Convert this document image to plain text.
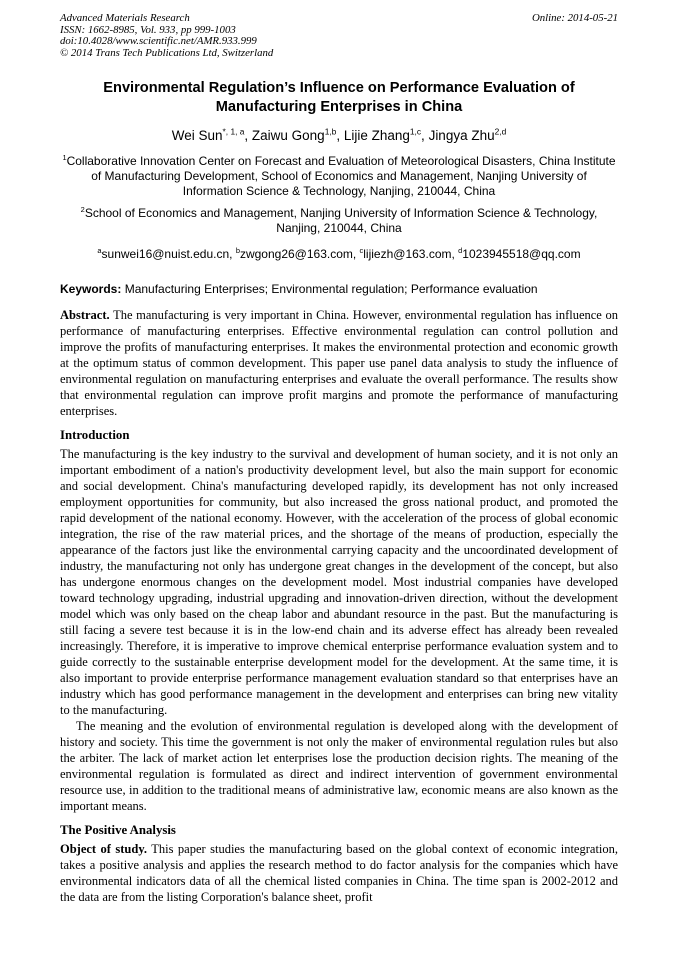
Advanced Materials Research
ISSN: 1662-8985, Vol. 933, pp 999-1003
doi:10.4028/www.scientific.net/AMR.933.999
© 2014 Trans Tech Publications Ltd, Switzerland
Online: 2014-05-21
Environmental Regulation’s Influence on Performance Evaluation of Manufacturing Enterprises in China
Wei Sun$^{*, 1, a}$, Zaiwu Gong$^{1,b}$, Lijie Zhang$^{1,c}$, Jingya Zhu$^{2,d}$
$^1$Collaborative Innovation Center on Forecast and Evaluation of Meteorological Disasters, China Institute of Manufacturing Development, School of Economics and Management, Nanjing University of Information Science & Technology, Nanjing, 210044, China
$^2$School of Economics and Management, Nanjing University of Information Science & Technology, Nanjing, 210044, China
$^a$sunwei16@nuist.edu.cn, $^b$zwgong26@163.com, $^c$lijiezh@163.com, $^d$1023945518@qq.com
Keywords: Manufacturing Enterprises; Environmental regulation; Performance evaluation

Abstract. The manufacturing is very important in China. However, environmental regulation has influence on performance of manufacturing enterprises. Effective environmental regulation can control pollution and improve the profits of manufacturing enterprises. It makes the environmental protection and economic growth at the optimum status of common development. This paper use panel data analysis to study the influence of environmental regulation on manufacturing enterprises and evaluate the overall performance. The results show that environmental regulation can improve profit margins and promote the performance of manufacturing enterprises.

Introduction

The manufacturing is the key industry to the survival and development of human society, and it is not only an important embodiment of a nation's productivity development level, but also the main support for economic and social development. China's manufacturing developed rapidly, its development has not only increased employment opportunities for community, but also increased the gross national product, and promoted the rapid development of the national economy. However, with the acceleration of the process of global economic integration, the rise of the raw material prices, and the shortage of the means of production, especially the appearance of the factors just like the environmental carrying capacity and the uncoordinated development of industry, the manufacturing not only has undergone great changes in the development of the concept, but also has undergone enormous changes on the development model. Most industrial companies have developed toward technology upgrading, industrial upgrading and innovation-driven direction, without the development model which was only based on the cheap labor and abundant resource in the past. But the manufacturing is still facing a severe test because it is in the low-end chain and its adverse effect has already been revealed increasingly. Therefore, it is imperative to improve chemical enterprise performance evaluation system and to guide correctly to the sustainable enterprise development model for the development. At the same time, it is also important to provide enterprise performance management evaluation standard so that enterprises have an industry which has good performance management in the development and enterprises can bring new vitality to the manufacturing.

The meaning and the evolution of environmental regulation is developed along with the development of history and society. This time the government is not only the maker of environmental regulation rules but also the arbiter. The lack of market action let enterprises lose the production decision rights. The meaning of the environmental regulation is formulated as direct and indirect intervention of government environmental resource use, in addition to the traditional means of administrative law, economic means are also known as the important means.

The Positive Analysis

Object of study. This paper studies the manufacturing based on the global context of economic integration, takes a positive analysis and applies the research method to do factor analysis for the companies which have environmental indicators data of all the chemical listed companies in China. The time span is 2002-2012 and the data are from the listing Corporation's balance sheet, profit
